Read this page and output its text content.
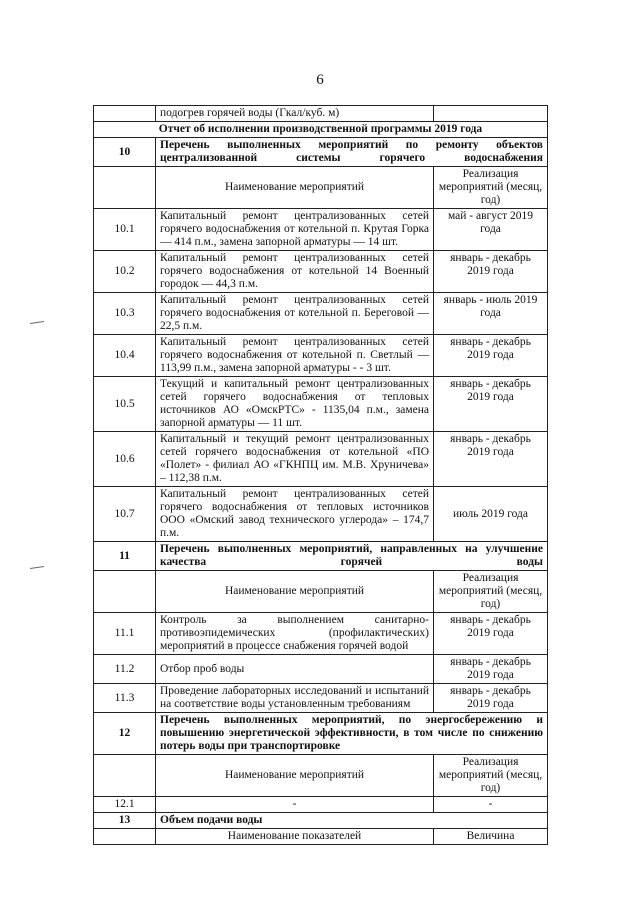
6
	подогрев горячей воды (Гкал/куб. м)	
Отчет об исполнении производственной программы 2019 года		
10	Перечень выполненных мероприятий по ремонту объектов централизованной системы горячего водоснабжения	
	Наименование мероприятий	Реализация мероприятий (месяц, год)
10.1	Капитальный ремонт централизованных сетей горячего водоснабжения от котельной п. Крутая Горка — 414 п.м., замена запорной арматуры — 14 шт.	май - август 2019 года
10.2	Капитальный ремонт централизованных сетей горячего водоснабжения от котельной 14 Военный городок — 44,3 п.м.	январь - декабрь 2019 года
10.3	Капитальный ремонт централизованных сетей горячего водоснабжения от котельной п. Береговой — 22,5 п.м.	январь - июль 2019 года
10.4	Капитальный ремонт централизованных сетей горячего водоснабжения от котельной п. Светлый — 113,99 п.м., замена запорной арматуры - - 3 шт.	январь - декабрь 2019 года
10.5	Текущий и капитальный ремонт централизованных сетей горячего водоснабжения от тепловых источников АО «ОмскРТС» - 1135,04 п.м., замена запорной арматуры — 11 шт.	январь - декабрь 2019 года
10.6	Капитальный и текущий ремонт централизованных сетей горячего водоснабжения от котельной «ПО «Полет» - филиал АО «ГКНПЦ им. М.В. Хруничева» – 112,38 п.м.	январь - декабрь 2019 года
10.7	Капитальный ремонт централизованных сетей горячего водоснабжения от тепловых источников ООО «Омский завод технического углерода» – 174,7 п.м.	июль 2019 года
11	Перечень выполненных мероприятий, направленных на улучшение качества горячей воды	
	Наименование мероприятий	Реализация мероприятий (месяц, год)
11.1	Контроль за выполнением санитарно-противоэпидемических (профилактических) мероприятий в процессе снабжения горячей водой	январь - декабрь 2019 года
11.2	Отбор проб воды	январь - декабрь 2019 года
11.3	Проведение лабораторных исследований и испытаний на соответствие воды установленным требованиям	январь - декабрь 2019 года
12	Перечень выполненных мероприятий, по энергосбережению и повышению энергетической эффективности, в том числе по снижению потерь воды при транспортировке	
	Наименование мероприятий	Реализация мероприятий (месяц, год)
12.1	-	-
13	Объем подачи воды	
	Наименование показателей	Величина
